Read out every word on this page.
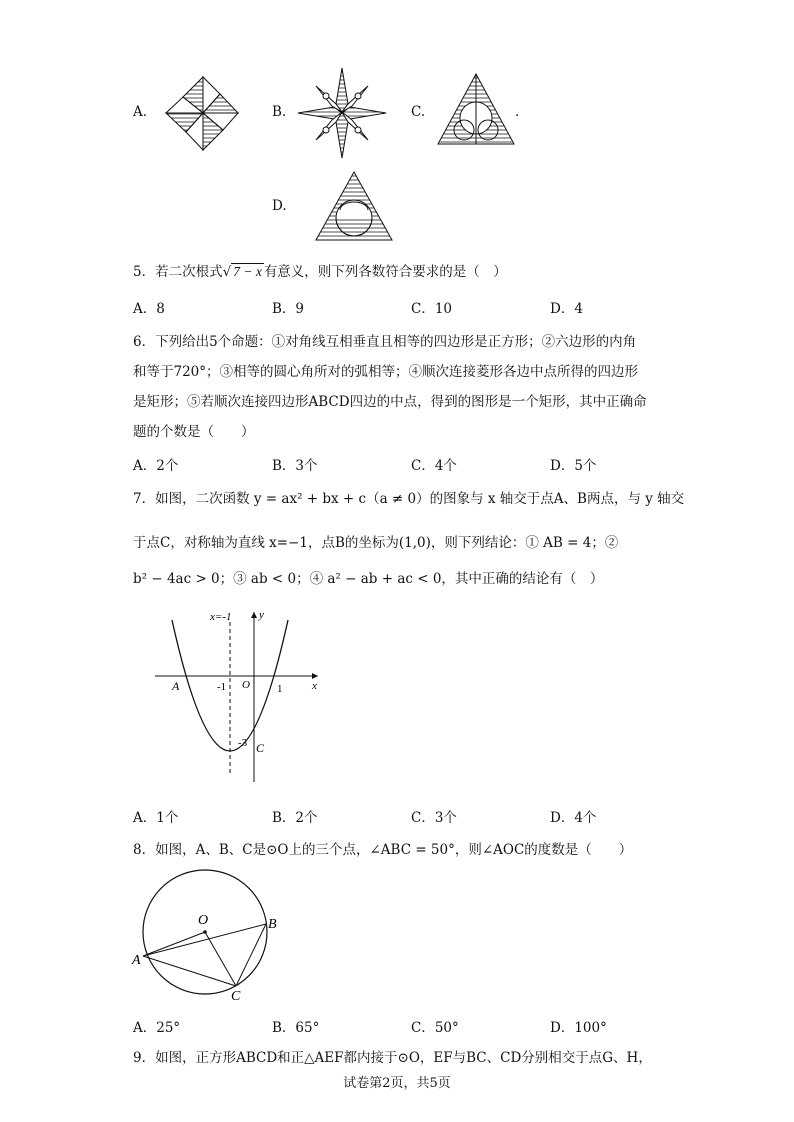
A.	B.	C.	.
D.
5．若二次根式√ 7 − x 有意义，则下列各数符合要求的是（　）
A．8	B．9	C．10	D．4
6．下列给出5个命题：①对角线互相垂直且相等的四边形是正方形；②六边形的内角
和等于720°；③相等的圆心角所对的弧相等；④顺次连接菱形各边中点所得的四边形
是矩形；⑤若顺次连接四边形ABCD四边的中点，得到的图形是一个矩形，其中正确命
题的个数是（　　）
A．2个	B．3个	C．4个	D．5个
7．如图，二次函数 y = ax² + bx + c（a ≠ 0）的图象与 x 轴交于点A、B两点，与 y 轴交
于点C，对称轴为直线 x=−1，点B的坐标为(1,0)，则下列结论：① AB = 4；②
b² − 4ac > 0；③ ab < 0；④ a² − ab + ac < 0，其中正确的结论有（　）
x=-1	y
x
A	-1 O 1
-3 C
A．1个	B．2个	C．3个	D．4个
8．如图，A、B、C是⊙O上的三个点，∠ABC = 50°，则∠AOC的度数是（　　）
O
A
B
C
A．25°	B．65°	C．50°	D．100°
9．如图，正方形ABCD和正△AEF都内接于⊙O，EF与BC、CD分别相交于点G、H，
试卷第2页，共5页
